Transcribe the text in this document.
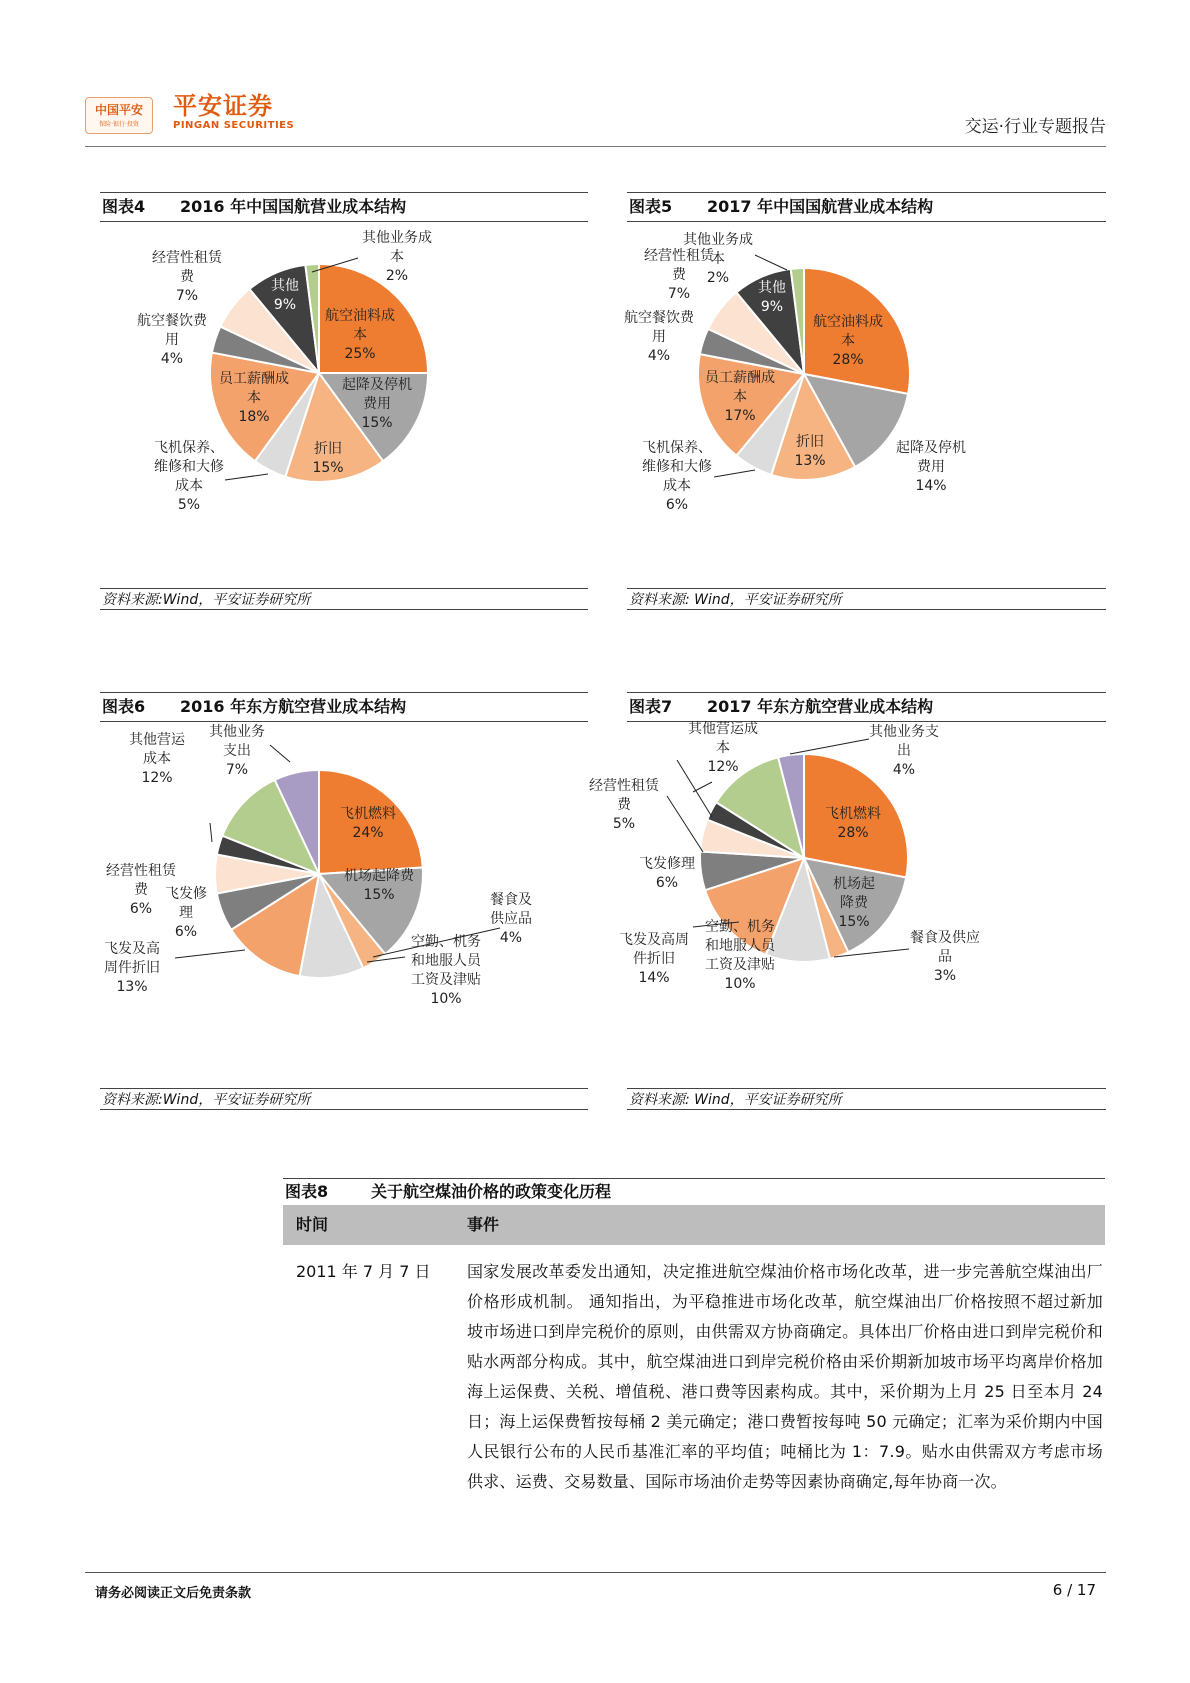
中国平安
保险·银行·投资
平安证券
PINGAN SECURITIES	交运·行业专题报告
图表4 2016 年中国国航营业成本结构
航空油料成本 25%
起降及停机费用 15%
折旧 15%
飞机保养、维修和大修成本 5%
员工薪酬成本 18%
航空餐饮费用 4%
经营性租赁费 7%
其他 9%
其他业务成本 2%
资料来源:Wind，平安证券研究所
图表5 2017 年中国国航营业成本结构
航空油料成本 28%
起降及停机费用 14%
折旧 13%
飞机保养、维修和大修成本 6%
员工薪酬成本 17%
航空餐饮费用 4%
经营性租赁费 7%	其他 9%
其他业务成本 2%
资料来源: Wind，平安证券研究所
图表6 2016 年东方航空营业成本结构
飞机燃料 24%
机场起降费 15%	餐食及供应品 4%
空勤、机务和地服人员工资及津贴 10%
飞发及高周件折旧 13%
飞发修理 6%
经营性租赁费 6%
社会保险 3%
其他营运成本 12%
其他业务支出 7%
资料来源:Wind，平安证券研究所
图表7 2017 年东方航空营业成本结构
飞机燃料 28%
机场起降费 15%
餐食及供应品 3%
空勤、机务和地服人员工资及津贴 10%
飞发及高周件折旧 14%
飞发修理 6%
经营性租赁费 5%
社会保险 3%
其他营运成本 12%
其他业务支出 4%
资料来源: Wind，平安证券研究所
图表8	关于航空煤油价格的政策变化历程
时间	事件
2011 年 7 月 7 日 国家发展改革委发出通知，决定推进航空煤油价格市场化改革，进一步完善航空煤油出厂价格形成机制。 通知指出，为平稳推进市场化改革，航空煤油出厂价格按照不超过新加坡市场进口到岸完税价的原则，由供需双方协商确定。具体出厂价格由进口到岸完税价和贴水两部分构成。其中，航空煤油进口到岸完税价格由采价期新加坡市场平均离岸价格加海上运保费、关税、增值税、港口费等因素构成。其中，采价期为上月 25 日至本月 24 日；海上运保费暂按每桶 2 美元确定；港口费暂按每吨 50 元确定；汇率为采价期内中国人民银行公布的人民币基准汇率的平均值；吨桶比为 1：7.9。贴水由供需双方考虑市场供求、运费、交易数量、国际市场油价走势等因素协商确定,每年协商一次。
请务必阅读正文后免责条款	6 / 17
